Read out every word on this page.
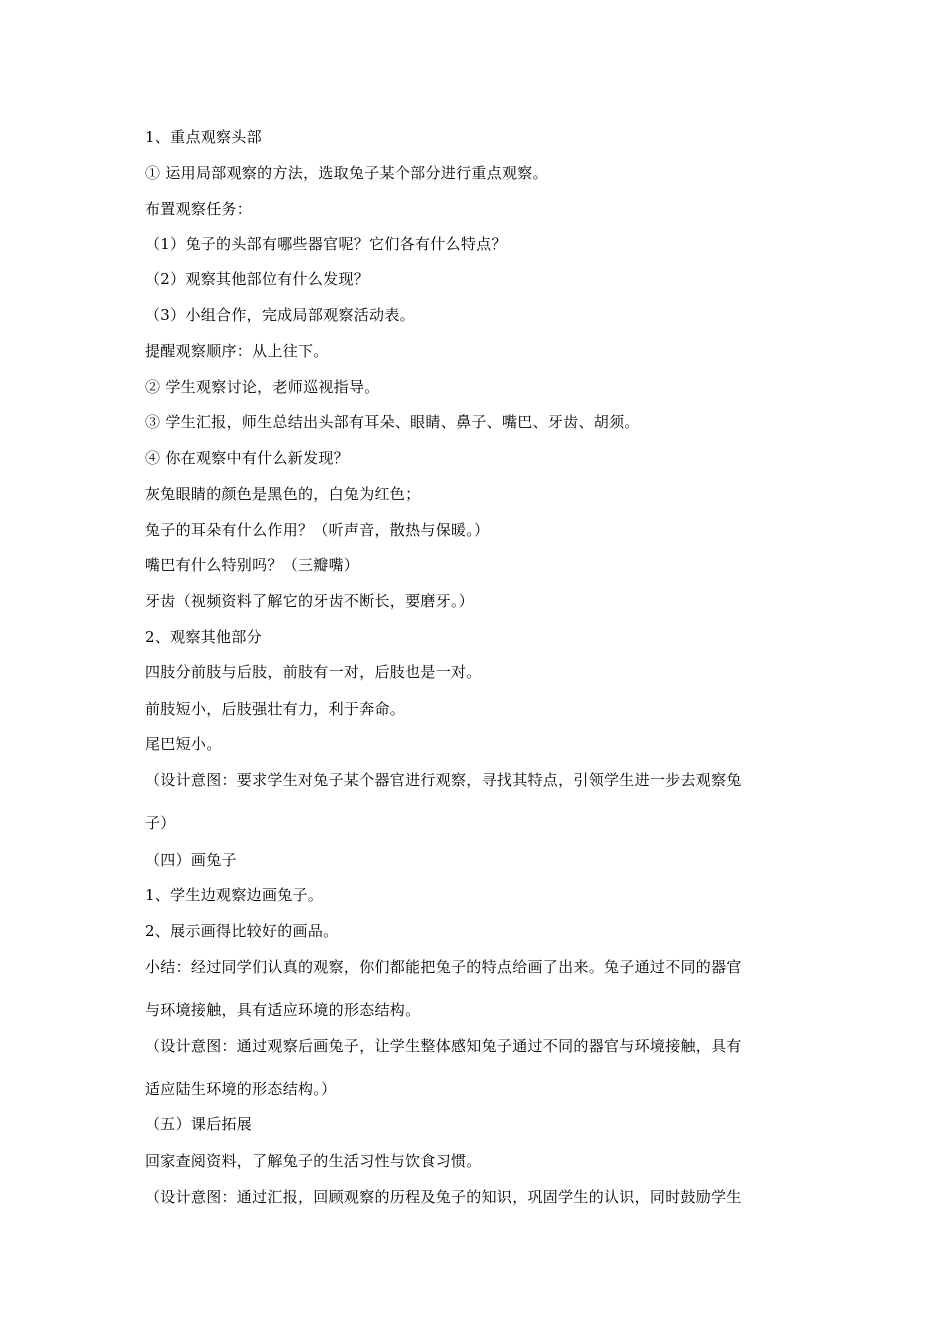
1、重点观察头部
① 运用局部观察的方法，选取兔子某个部分进行重点观察。
布置观察任务：
（1）兔子的头部有哪些器官呢？它们各有什么特点？
（2）观察其他部位有什么发现？
（3）小组合作，完成局部观察活动表。
提醒观察顺序：从上往下。
② 学生观察讨论，老师巡视指导。
③ 学生汇报，师生总结出头部有耳朵、眼睛、鼻子、嘴巴、牙齿、胡须。
④ 你在观察中有什么新发现？
灰兔眼睛的颜色是黑色的，白兔为红色；
兔子的耳朵有什么作用？（听声音，散热与保暖。）
嘴巴有什么特别吗？（三瓣嘴）
牙齿（视频资料了解它的牙齿不断长，要磨牙。）
2、观察其他部分
四肢分前肢与后肢，前肢有一对，后肢也是一对。
前肢短小，后肢强壮有力，利于奔命。
尾巴短小。
（设计意图：要求学生对兔子某个器官进行观察，寻找其特点，引领学生进一步去观察兔
子）
（四）画兔子
1、学生边观察边画兔子。
2、展示画得比较好的画品。
小结：经过同学们认真的观察，你们都能把兔子的特点给画了出来。兔子通过不同的器官
与环境接触，具有适应环境的形态结构。
（设计意图：通过观察后画兔子，让学生整体感知兔子通过不同的器官与环境接触，具有
适应陆生环境的形态结构。）
（五）课后拓展
回家查阅资料，了解兔子的生活习性与饮食习惯。
（设计意图：通过汇报，回顾观察的历程及兔子的知识，巩固学生的认识，同时鼓励学生
